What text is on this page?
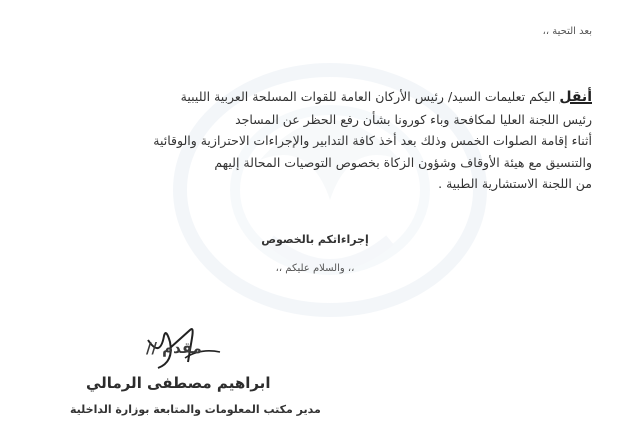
بعد التحية ،،
أنقل اليكم تعليمات السيد/ رئيس الأركان العامة للقوات المسلحة العربية الليبية
رئيس اللجنة العليا لمكافحة وباء كورونا بشأن رفع الحظر عن المساجد
أثناء إقامة الصلوات الخمس وذلك بعد أخذ كافة التدابير والإجراءات الاحترازية والوقائية
والتنسيق مع هيئة الأوقاف وشؤون الزكاة بخصوص التوصيات المحالة إليهم
من اللجنة الاستشارية الطبية .
إجراءاتكم بالخصوص
،، والسلام عليكم ،،
مقدم //
ابراهيم مصطفى الرمالي
مدير مكتب المعلومات والمتابعة بوزارة الداخلية
